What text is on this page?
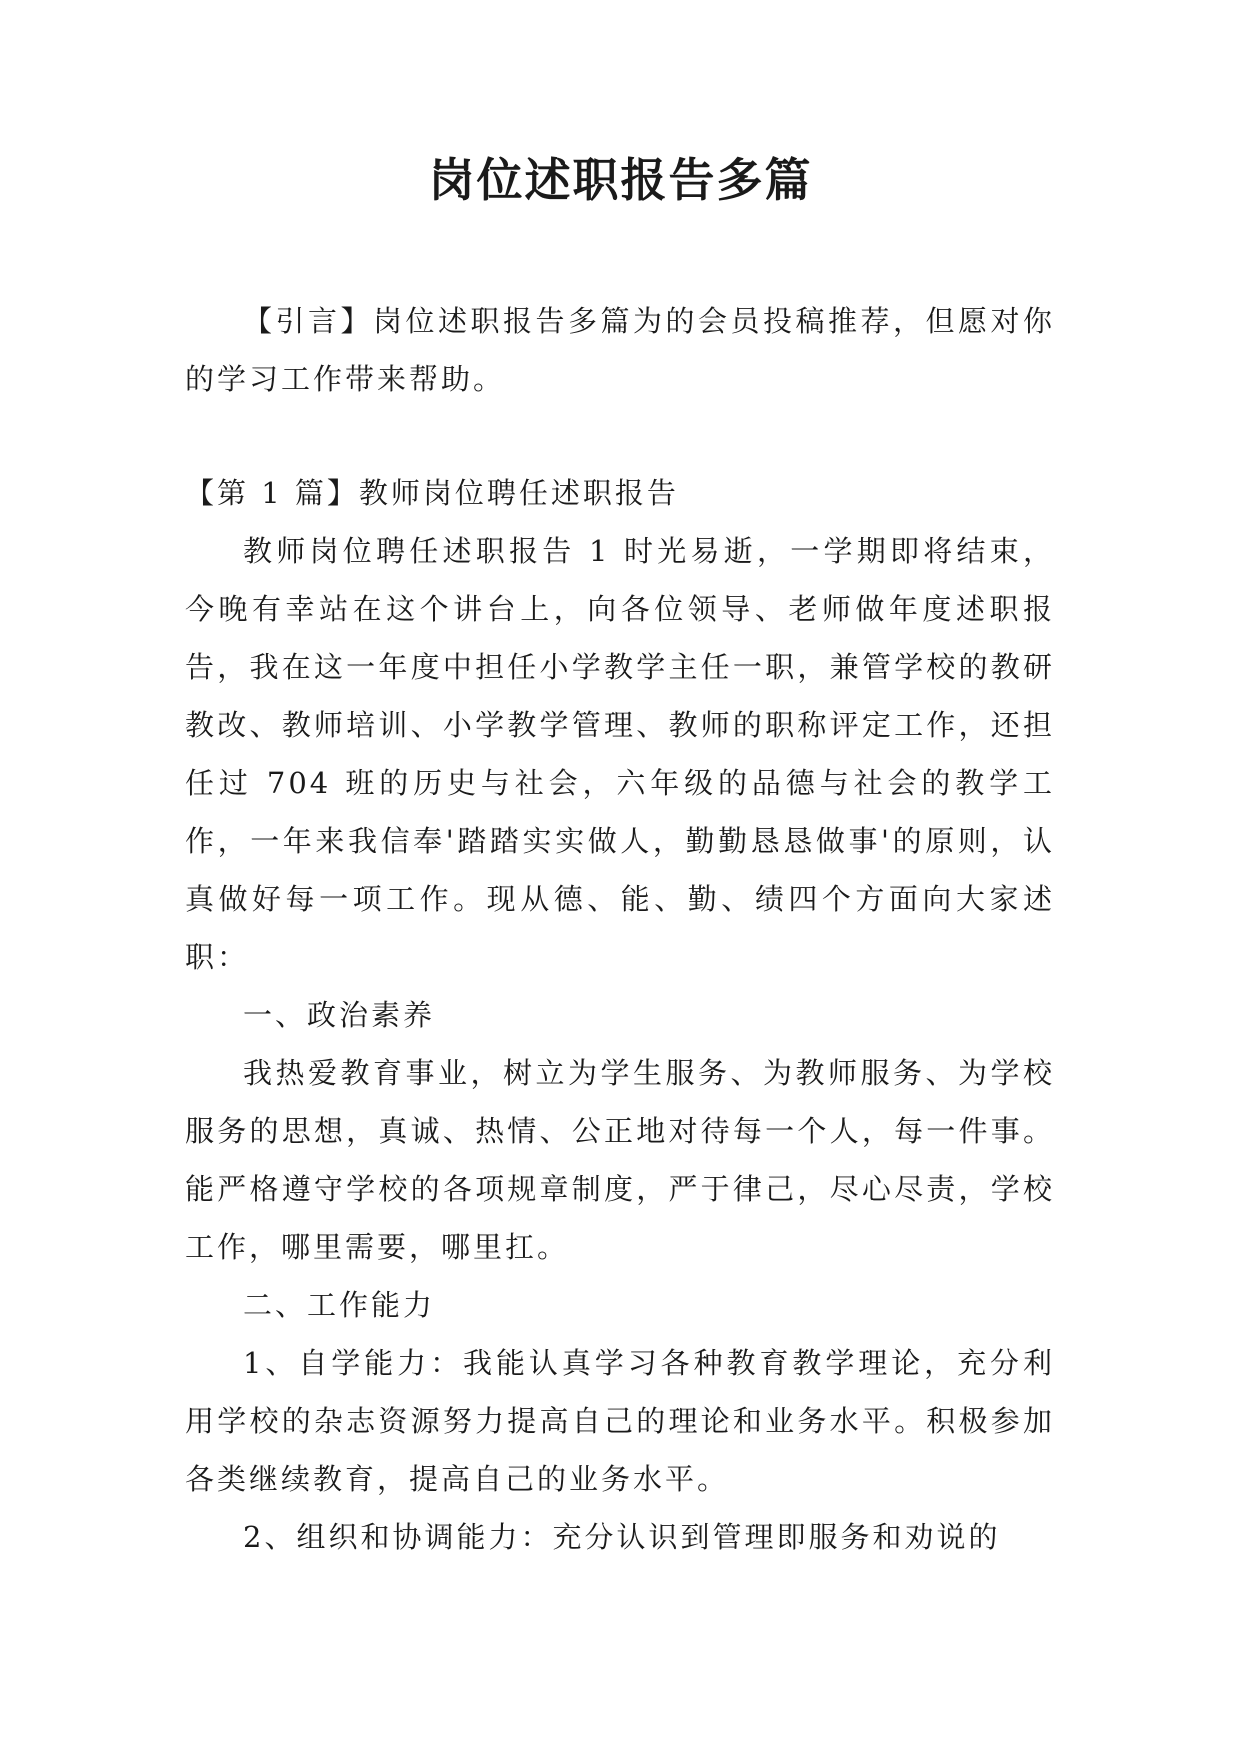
岗位述职报告多篇

【引言】岗位述职报告多篇为的会员投稿推荐，但愿对你的学习工作带来帮助。

【第 1 篇】教师岗位聘任述职报告

教师岗位聘任述职报告 1 时光易逝，一学期即将结束，今晚有幸站在这个讲台上，向各位领导、老师做年度述职报告，我在这一年度中担任小学教学主任一职，兼管学校的教研教改、教师培训、小学教学管理、教师的职称评定工作，还担任过 704 班的历史与社会，六年级的品德与社会的教学工作，一年来我信奉'踏踏实实做人，勤勤恳恳做事'的原则，认真做好每一项工作。现从德、能、勤、绩四个方面向大家述职：

一、政治素养

我热爱教育事业，树立为学生服务、为教师服务、为学校服务的思想，真诚、热情、公正地对待每一个人，每一件事。能严格遵守学校的各项规章制度，严于律己，尽心尽责，学校工作，哪里需要，哪里扛。

二、工作能力

1、自学能力：我能认真学习各种教育教学理论，充分利用学校的杂志资源努力提高自己的理论和业务水平。积极参加各类继续教育，提高自己的业务水平。

2、组织和协调能力：充分认识到管理即服务和劝说的
